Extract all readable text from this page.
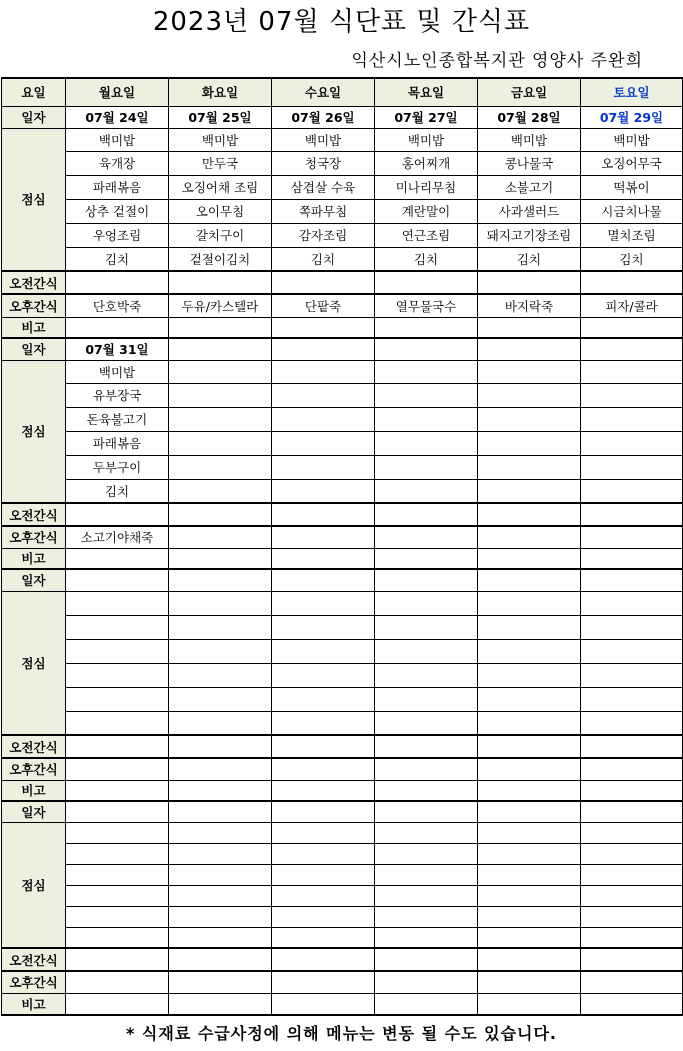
2023년 07월 식단표 및 간식표
익산시노인종합복지관 영양사 주완희
요일	월요일	화요일	수요일	목요일	금요일	토요일
일자	07월 24일	07월 25일	07월 26일	07월 27일	07월 28일	07월 29일
점심	백미밥	백미밥	백미밥	백미밥	백미밥	백미밥
	육개장	만두국	청국장	홍어찌개	콩나물국	오징어무국
	파래볶음	오징어채 조림	삼겹살 수육	미나리무침	소불고기	떡볶이
	상추 겉절이	오이무침	쪽파무침	계란말이	사과샐러드	시금치나물
	우엉조림	갈치구이	감자조림	연근조림	돼지고기장조림	멸치조림
	김치	겉절이김치	김치	김치	김치	김치
오전간식						
오후간식	단호박죽	두유/카스텔라	단팥죽	열무물국수	바지락죽	피자/콜라
비고						
일자	07월 31일					
점심	백미밥					
	유부장국					
	돈육불고기					
	파래볶음					
	두부구이					
	김치					
오전간식						
오후간식	소고기야채죽					
비고						
일자						
점심						

오전간식						
오후간식						
비고						
일자						
점심						

오전간식						
오후간식						
비고						
* 식재료 수급사정에 의해 메뉴는 변동 될 수도 있습니다.
